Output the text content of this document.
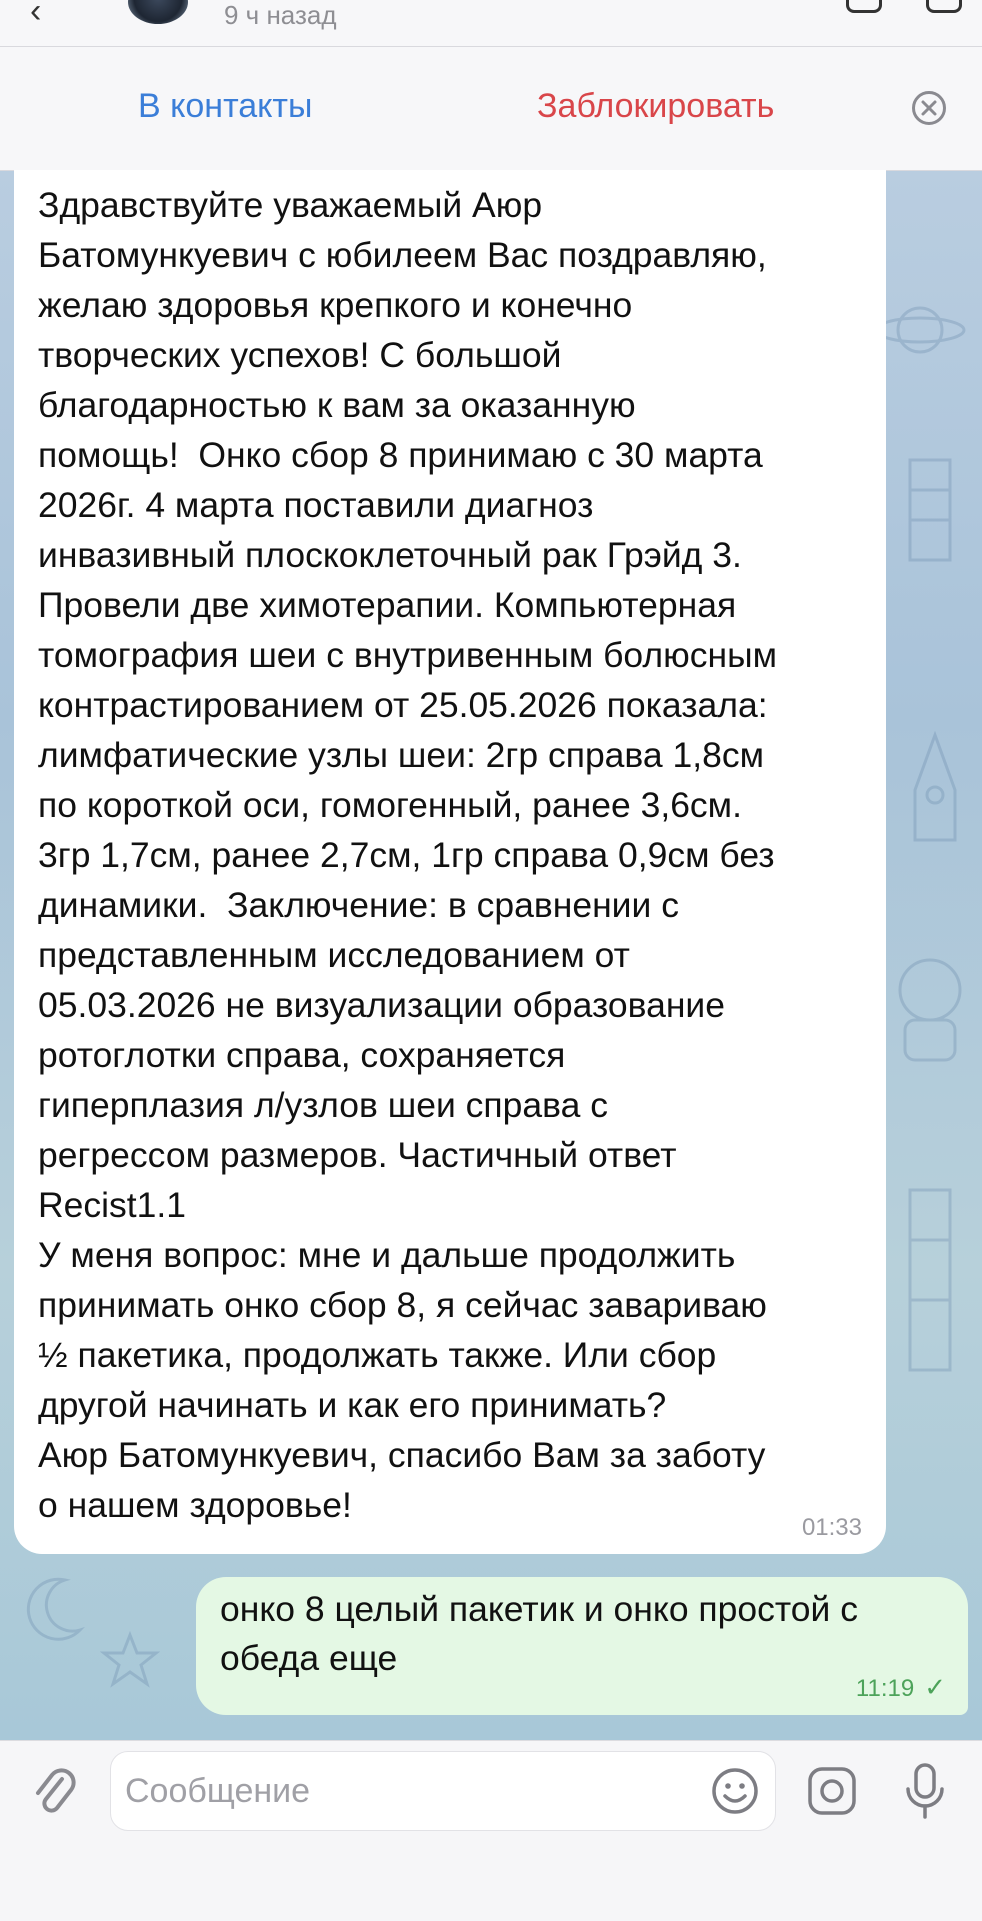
‹	9 ч назад

В контакты	Заблокировать

Здравствуйте уважаемый Аюр
Батомункуевич с юбилеем Вас поздравляю,
желаю здоровья крепкого и конечно
творческих успехов! С большой
благодарностью к вам за оказанную
помощь!  Онко сбор 8 принимаю с 30 марта
2026г. 4 марта поставили диагноз
инвазивный плоскоклеточный рак Грэйд 3.
Провели две химотерапии. Компьютерная
томография шеи с внутривенным болюсным
контрастированием от 25.05.2026 показала:
лимфатические узлы шеи: 2гр справа 1,8см
по короткой оси, гомогенный, ранее 3,6см.
3гр 1,7см, ранее 2,7см, 1гр справа 0,9см без
динамики.  Заключение: в сравнении с
представленным исследованием от
05.03.2026 не визуализации образование
ротоглотки справа, сохраняется
гиперплазия л/узлов шеи справа с
регрессом размеров. Частичный ответ
Recist1.1
У меня вопрос: мне и дальше продолжить
принимать онко сбор 8, я сейчас завариваю
½ пакетика, продолжать также. Или сбор
другой начинать и как его принимать?
Аюр Батомункуевич, спасибо Вам за заботу
о нашем здоровье!

01:33

онко 8 целый пакетик и онко простой с
обеда еще

11:19 ✓
Сообщение
